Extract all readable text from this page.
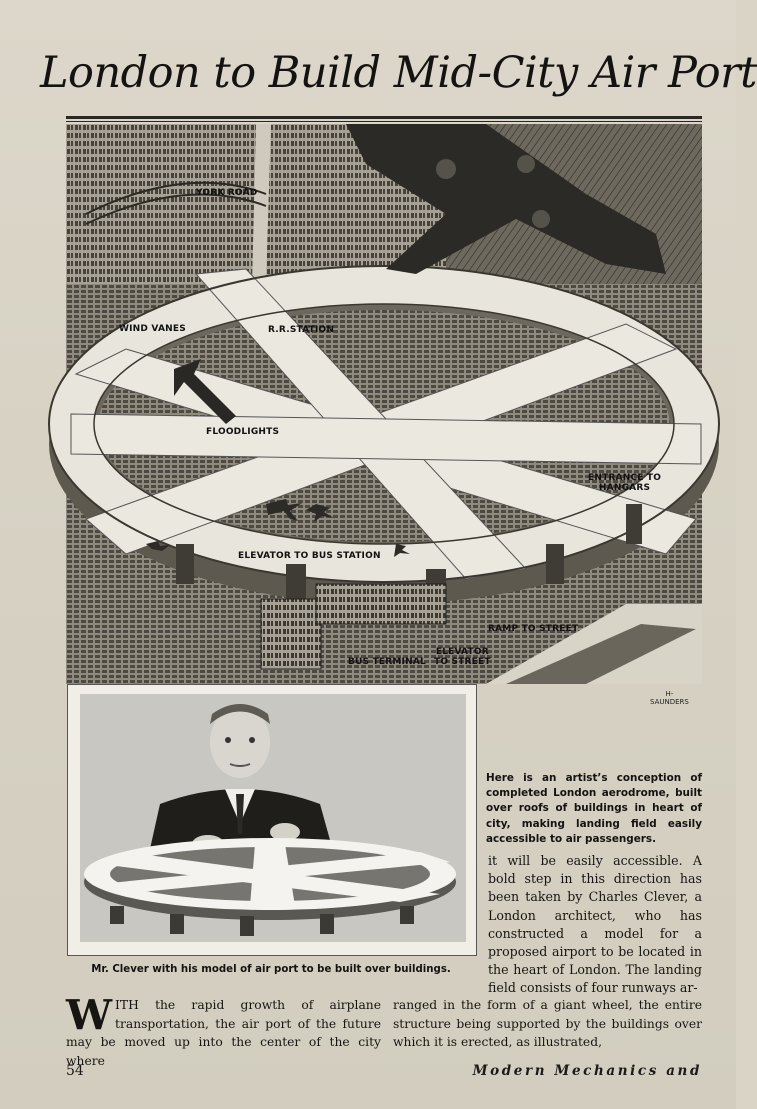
London to Build Mid-City Air Port
YORK ROAD
WIND VANES	R.R.STATION
FLOODLIGHTS
ENTRANCE TO
HANGARS
ELEVATOR TO BUS STATION
RAMP TO STREET
ELEVATOR
TO STREET
BUS TERMINAL
H-
SAUNDERS
Here is an artist’s conception of completed London aerodrome, built over roofs of buildings in heart of city, making landing field easily accessible to air passengers.
it will be easily accessible. A bold step in this direction has been taken by Charles Clever, a London architect, who has constructed a model for a proposed airport to be located in the heart of London. The landing field consists of four runways ar-
Mr. Clever with his model of air port to be built over buildings.
WITH the rapid growth of airplane transportation, the air port of the future may be moved up into the center of the city where
ranged in the form of a giant wheel, the entire structure being supported by the buildings over which it is erected, as illustrated,
54	Modern Mechanics and
